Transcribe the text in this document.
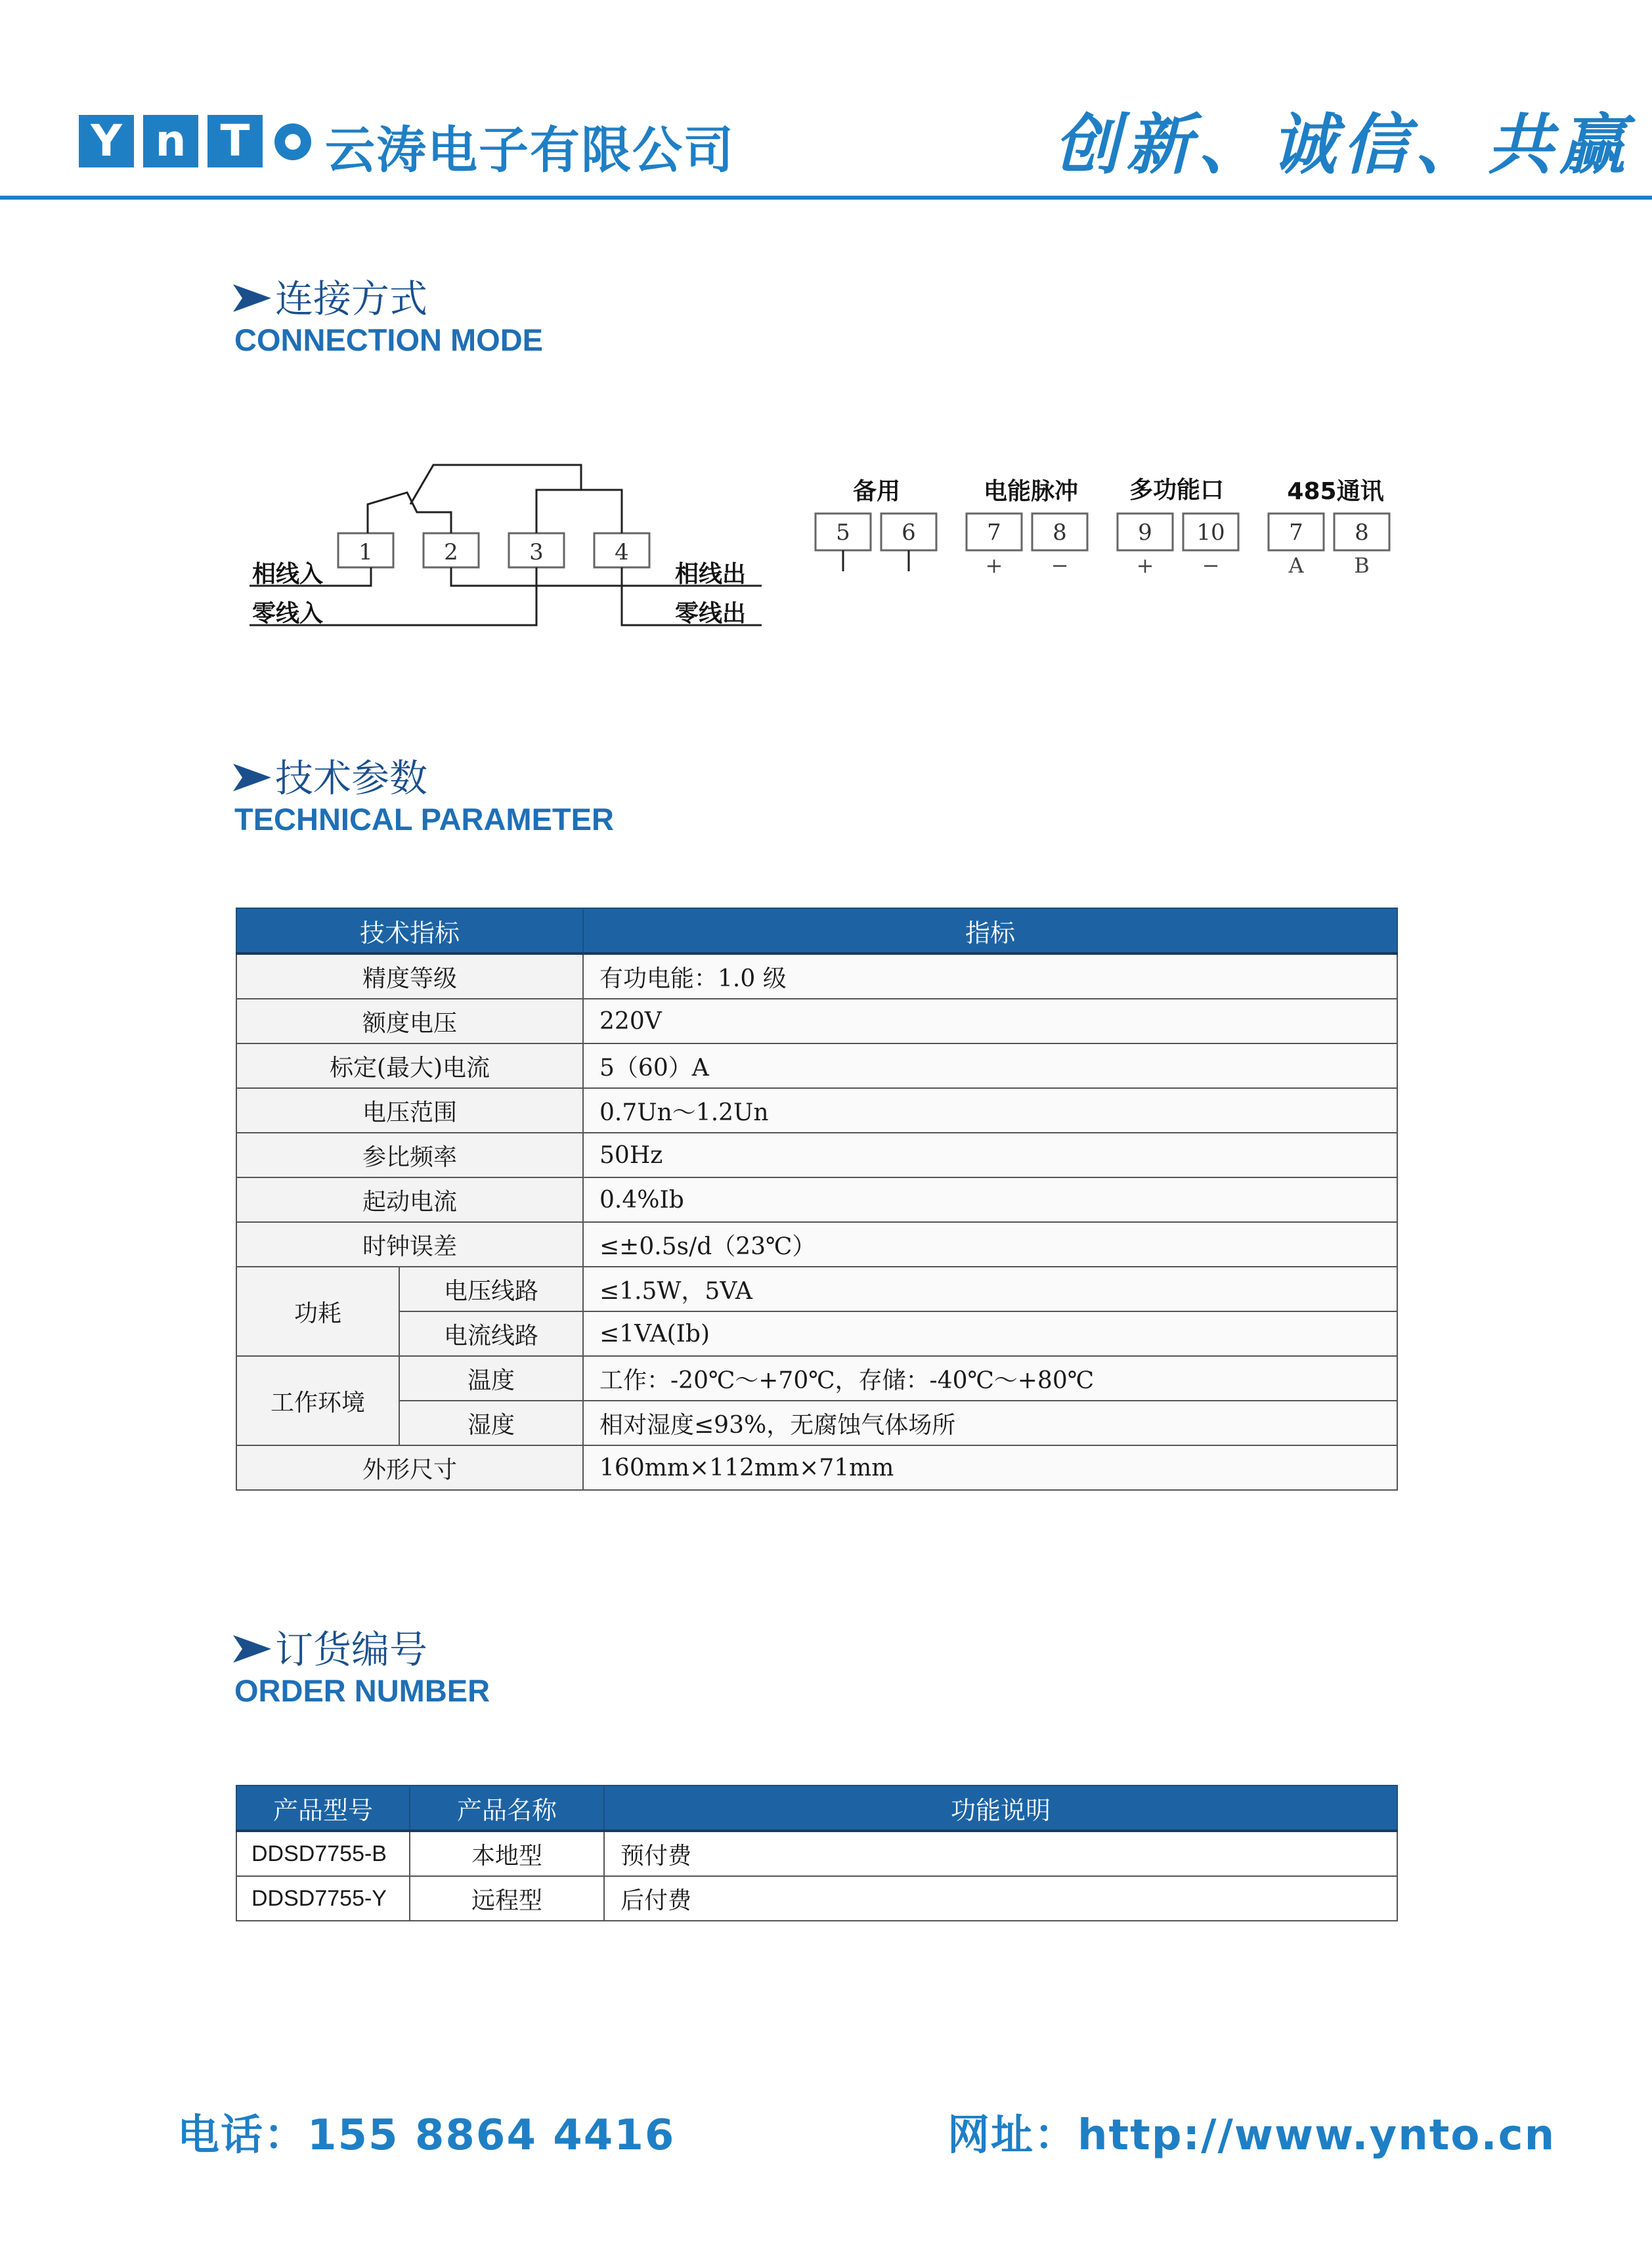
Y n T 云涛电子有限公司	创新、诚信、共赢
连接方式
CONNECTION MODE
1	2	3	4
相线入
零线入
相线出
零线出
备用	电能脉冲 多功能口	485通讯
5 6	7 8	9 10	7 8
+ −	+ −	A B
技术参数
TECHNICAL PARAMETER
技术指标		指标
精度等级		有功电能：1.0 级
额度电压		220V
标定(最大)电流		5（60）A
电压范围		0.7Un～1.2Un
参比频率		50Hz
起动电流		0.4%Ib
时钟误差		≤±0.5s/d（23℃）
功耗	电压线路	≤1.5W，5VA
	电流线路	≤1VA(Ib)
工作环境	温度	工作：-20℃～+70℃，存储：-40℃～+80℃
	湿度	相对湿度≤93%，无腐蚀气体场所
外形尺寸		160mm×112mm×71mm
订货编号
ORDER NUMBER
产品型号	产品名称	功能说明
DDSD7755-B	本地型	预付费
DDSD7755-Y	远程型	后付费
电话：155 8864 4416	网址：http://www.ynto.cn
